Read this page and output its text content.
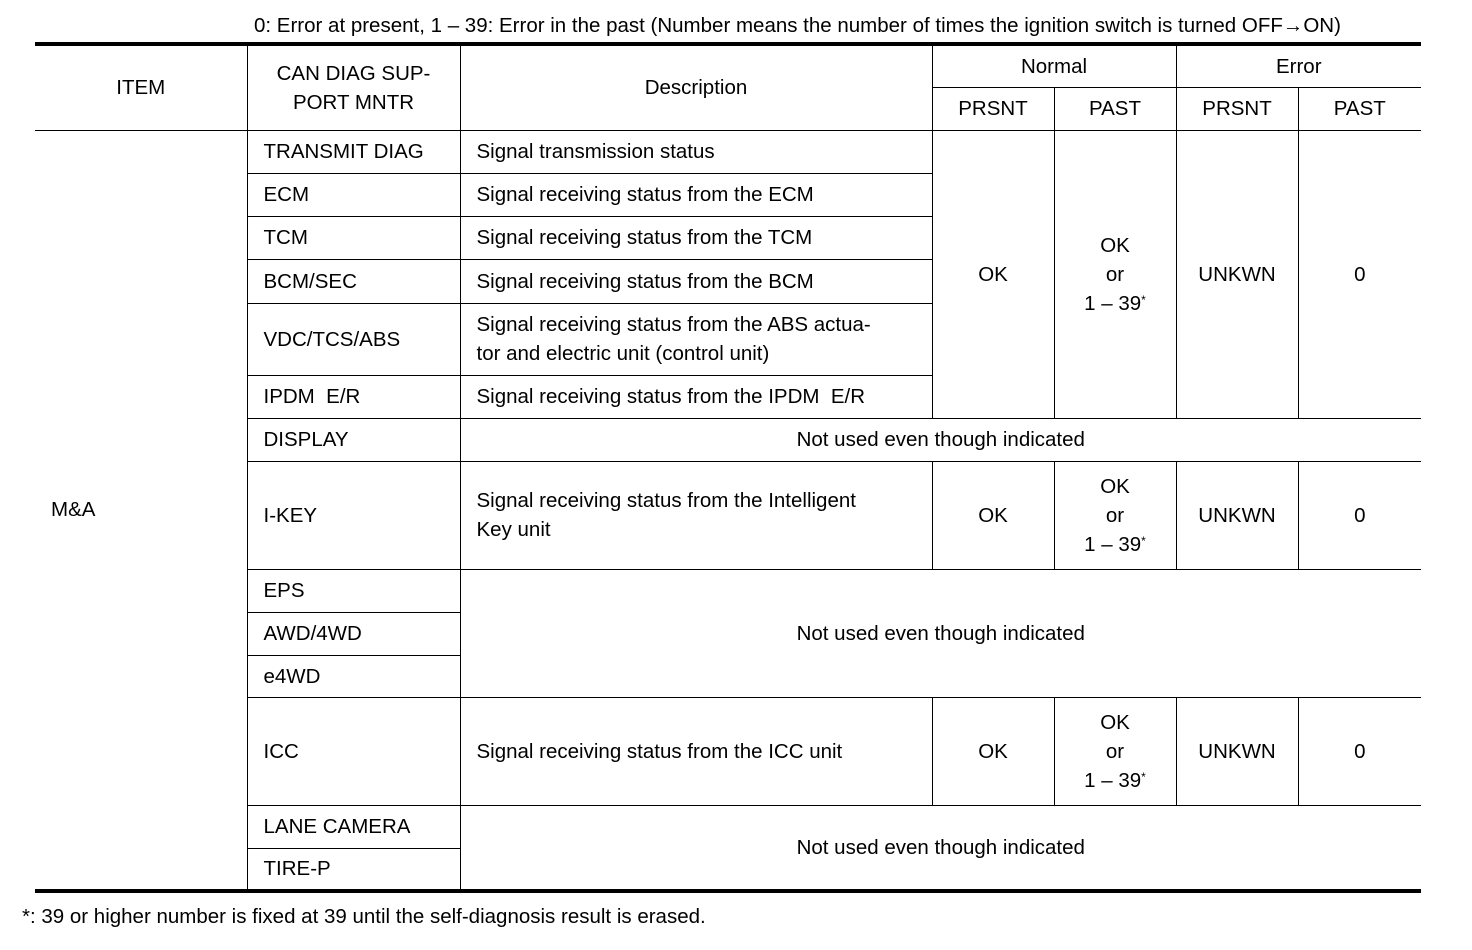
0: Error at present, 1 – 39: Error in the past (Number means the number of times the ignition switch is turned OFF→ON)
ITEM	CAN DIAG SUP-
PORT MNTR	Description	Normal		Error	
			PRSNT	PAST	PRSNT	PAST
M&A	TRANSMIT DIAG	Signal transmission status	OK	OK
or
1 – 39*	UNKWN	0
	ECM	Signal receiving status from the ECM				
	TCM	Signal receiving status from the TCM				
	BCM/SEC	Signal receiving status from the BCM				
	VDC/TCS/ABS	Signal receiving status from the ABS actua-
tor and electric unit (control unit)				
	IPDM  E/R	Signal receiving status from the IPDM  E/R				
	DISPLAY	Not used even though indicated				
	I-KEY	Signal receiving status from the Intelligent
Key unit	OK	OK
or
1 – 39*	UNKWN	0
	EPS	Not used even though indicated				
	AWD/4WD					
	e4WD					
	ICC	Signal receiving status from the ICC unit	OK	OK
or
1 – 39*	UNKWN	0
	LANE CAMERA	Not used even though indicated				
	TIRE-P					
*: 39 or higher number is fixed at 39 until the self-diagnosis result is erased.
